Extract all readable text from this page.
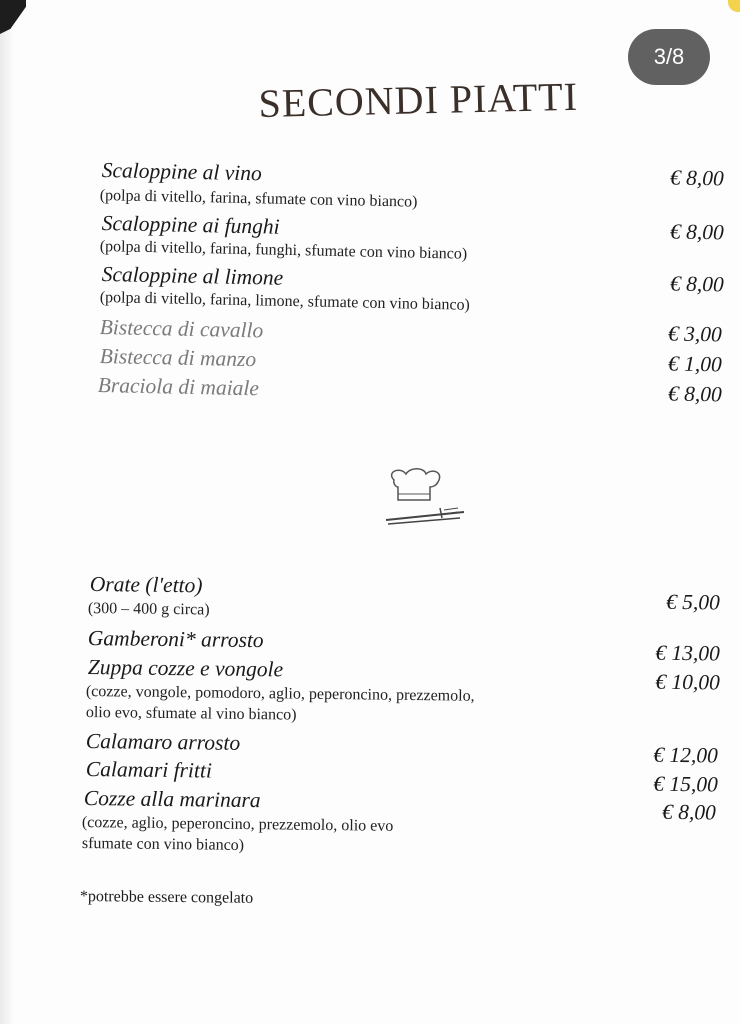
3/8
SECONDI PIATTI
Scaloppine al vino
(polpa di vitello, farina, sfumate con vino bianco)
€ 8,00
Scaloppine ai funghi
(polpa di vitello, farina, funghi, sfumate con vino bianco)
€ 8,00
Scaloppine al limone
(polpa di vitello, farina, limone, sfumate con vino bianco)
€ 8,00
Bistecca di cavallo	€ 3,00
Bistecca di manzo	€ 1,00
Braciola di maiale	€ 8,00
Orate (l'etto)
(300 – 400 g circa)	€ 5,00
Gamberoni* arrosto
€ 13,00
Zuppa cozze e vongole
(cozze, vongole, pomodoro, aglio, peperoncino, prezzemolo,
olio evo, sfumate al vino bianco)
€ 10,00
Calamaro arrosto
€ 12,00
Calamari fritti
€ 15,00
Cozze alla marinara
(cozze, aglio, peperoncino, prezzemolo, olio evo
sfumate con vino bianco)
€ 8,00
*potrebbe essere congelato
